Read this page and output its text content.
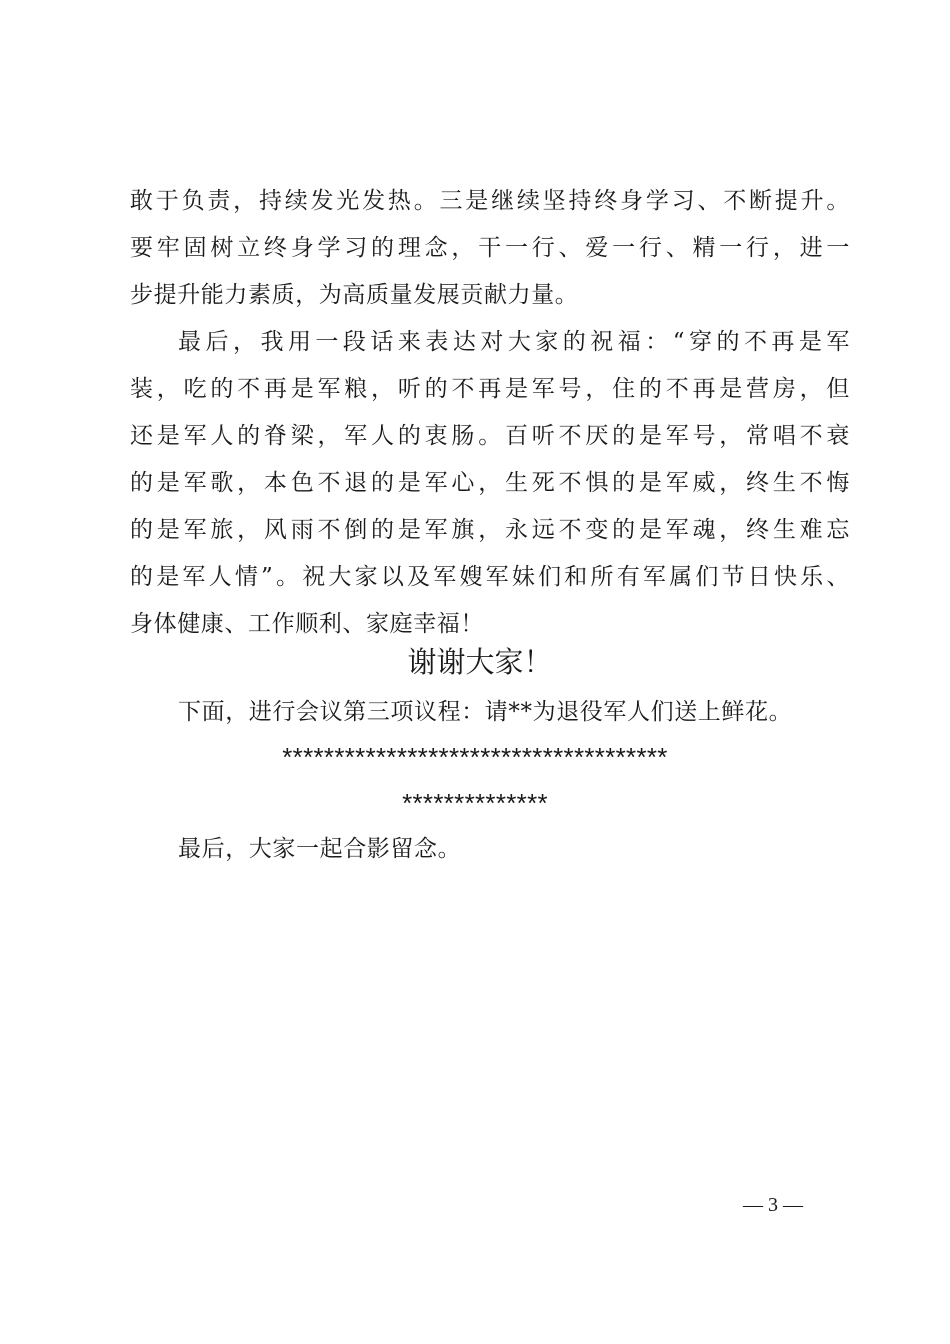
敢于负责，持续发光发热。三是继续坚持终身学习、不断提升。
要牢固树立终身学习的理念，干一行、爱一行、精一行，进一
步提升能力素质，为高质量发展贡献力量。
最后，我用一段话来表达对大家的祝福：“穿的不再是军
装，吃的不再是军粮，听的不再是军号，住的不再是营房，但
还是军人的脊梁，军人的衷肠。百听不厌的是军号，常唱不衰
的是军歌，本色不退的是军心，生死不惧的是军威，终生不悔
的是军旅，风雨不倒的是军旗，永远不变的是军魂，终生难忘
的是军人情”。祝大家以及军嫂军妹们和所有军属们节日快乐、
身体健康、工作顺利、家庭幸福！
谢谢大家！
下面，进行会议第三项议程：请**为退役军人们送上鲜花。
*************************************
**************
最后，大家一起合影留念。
— 3 —
